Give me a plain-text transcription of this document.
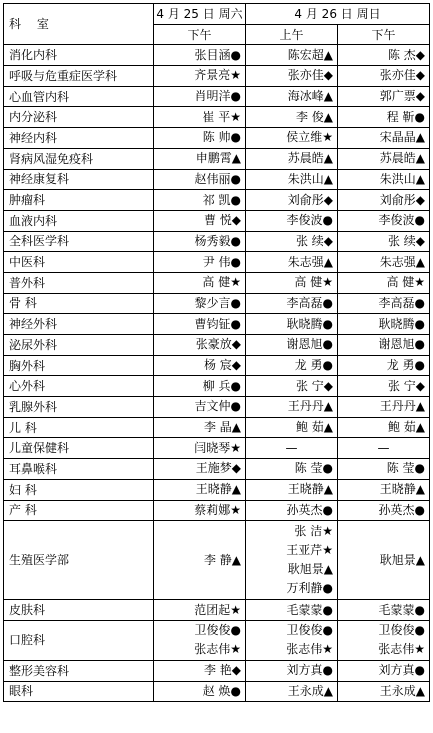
科 室	4 月 25 日 周六	4 月 26 日 周日	
	下午	上午	下午
消化内科	张目涵●	陈宏超▲	陈 杰◆

呼吸与危重症医学科	齐景亮★	张亦佳◆	张亦佳◆

心血管内科	肖明洋●	海冰峰▲	郭广票◆

内分泌科	崔 平★	李 俊▲	程 靳●

神经内科	陈 帅●	侯立维★	宋晶晶▲

肾病风湿免疫科	申鹏霄▲	苏晨皓▲	苏晨皓▲

神经康复科	赵伟丽●	朱洪山▲	朱洪山▲

肿瘤科	祁 凯●	刘俞彤◆	刘俞彤◆

血液内科	曹 悦◆	李俊波●	李俊波●

全科医学科	杨秀毅●	张 续◆	张 续◆

中医科	尹 伟●	朱志强▲	朱志强▲

普外科	高 健★	高 健★	高 健★

骨 科	黎少言●	李高磊●	李高磊●

神经外科	曹钧钲●	耿晓腾●	耿晓腾●

泌尿外科	张豪放◆	谢恩旭●	谢恩旭●

胸外科	杨 宸◆	龙 勇●	龙 勇●

心外科	柳 兵●	张 宁◆	张 宁◆

乳腺外科	吉文仲●	王丹丹▲	王丹丹▲

儿 科	李 晶▲	鲍 茹▲	鲍 茹▲

儿童保健科	闫晓琴★	—	—

耳鼻喉科	王施梦◆	陈 莹●	陈 莹●

妇 科	王晓静▲	王晓静▲	王晓静▲

产 科	蔡莉娜★	孙英杰●	孙英杰●

生殖医学部	李 静▲	张 洁★
王亚芹★
耿旭景▲
万利静●	耿旭景▲

皮肤科	范团起★	毛蒙蒙●	毛蒙蒙●

口腔科	卫俊俊●
张志伟★	卫俊俊●
张志伟★	卫俊俊●
张志伟★

整形美容科	李 艳◆	刘方真●	刘方真●

眼科	赵 焕●	王永成▲	王永成▲
